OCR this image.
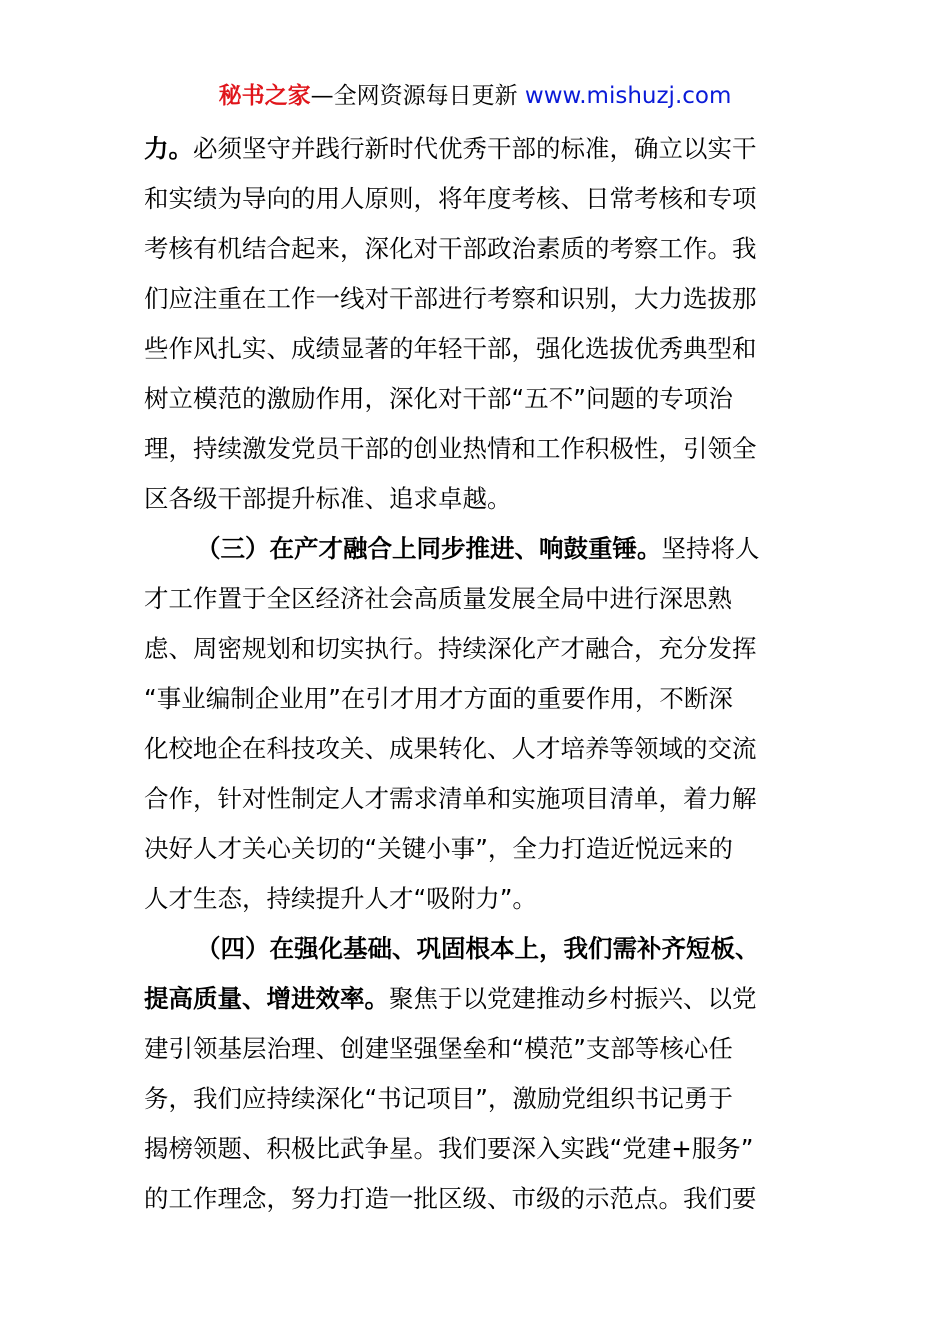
秘书之家—全网资源每日更新 www.mishuzj.com
力。必须坚守并践行新时代优秀干部的标准，确立以实干
和实绩为导向的用人原则，将年度考核、日常考核和专项
考核有机结合起来，深化对干部政治素质的考察工作。我
们应注重在工作一线对干部进行考察和识别，大力选拔那
些作风扎实、成绩显著的年轻干部，强化选拔优秀典型和
树立模范的激励作用，深化对干部“五不”问题的专项治
理，持续激发党员干部的创业热情和工作积极性，引领全
区各级干部提升标准、追求卓越。
（三）在产才融合上同步推进、响鼓重锤。坚持将人
才工作置于全区经济社会高质量发展全局中进行深思熟
虑、周密规划和切实执行。持续深化产才融合，充分发挥
“事业编制企业用”在引才用才方面的重要作用，不断深
化校地企在科技攻关、成果转化、人才培养等领域的交流
合作，针对性制定人才需求清单和实施项目清单，着力解
决好人才关心关切的“关键小事”，全力打造近悦远来的
人才生态，持续提升人才“吸附力”。
（四）在强化基础、巩固根本上，我们需补齐短板、
提高质量、增进效率。聚焦于以党建推动乡村振兴、以党
建引领基层治理、创建坚强堡垒和“模范”支部等核心任
务，我们应持续深化“书记项目”，激励党组织书记勇于
揭榜领题、积极比武争星。我们要深入实践“党建+服务”
的工作理念，努力打造一批区级、市级的示范点。我们要
